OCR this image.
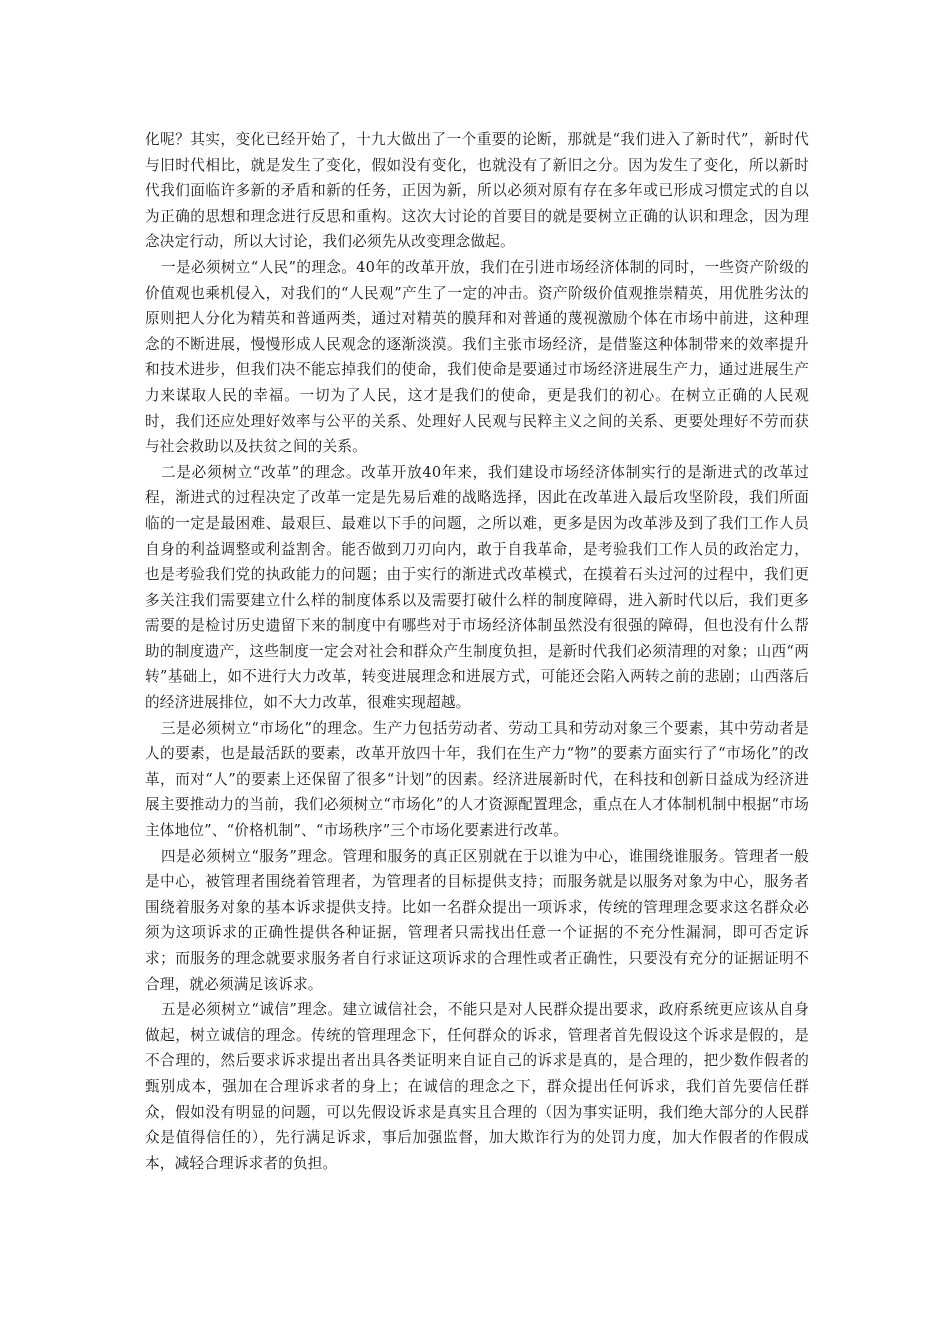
化呢？其实，变化已经开始了，十九大做出了一个重要的论断，那就是“我们进入了新时代”，新时代与旧时代相比，就是发生了变化，假如没有变化，也就没有了新旧之分。因为发生了变化，所以新时代我们面临许多新的矛盾和新的任务，正因为新，所以必须对原有存在多年或已形成习惯定式的自以为正确的思想和理念进行反思和重构。这次大讨论的首要目的就是要树立正确的认识和理念，因为理念决定行动，所以大讨论，我们必须先从改变理念做起。

一是必须树立“人民”的理念。40年的改革开放，我们在引进市场经济体制的同时，一些资产阶级的价值观也乘机侵入，对我们的“人民观”产生了一定的冲击。资产阶级价值观推崇精英，用优胜劣汰的原则把人分化为精英和普通两类，通过对精英的膜拜和对普通的蔑视激励个体在市场中前进，这种理念的不断进展，慢慢形成人民观念的逐渐淡漠。我们主张市场经济，是借鉴这种体制带来的效率提升和技术进步，但我们决不能忘掉我们的使命，我们使命是要通过市场经济进展生产力，通过进展生产力来谋取人民的幸福。一切为了人民，这才是我们的使命，更是我们的初心。在树立正确的人民观时，我们还应处理好效率与公平的关系、处理好人民观与民粹主义之间的关系、更要处理好不劳而获与社会救助以及扶贫之间的关系。

二是必须树立“改革”的理念。改革开放40年来，我们建设市场经济体制实行的是渐进式的改革过程，渐进式的过程决定了改革一定是先易后难的战略选择，因此在改革进入最后攻坚阶段，我们所面临的一定是最困难、最艰巨、最难以下手的问题，之所以难，更多是因为改革涉及到了我们工作人员自身的利益调整或利益割舍。能否做到刀刃向内，敢于自我革命，是考验我们工作人员的政治定力，也是考验我们党的执政能力的问题；由于实行的渐进式改革模式，在摸着石头过河的过程中，我们更多关注我们需要建立什么样的制度体系以及需要打破什么样的制度障碍，进入新时代以后，我们更多需要的是检讨历史遗留下来的制度中有哪些对于市场经济体制虽然没有很强的障碍，但也没有什么帮助的制度遗产，这些制度一定会对社会和群众产生制度负担，是新时代我们必须清理的对象；山西“两转”基础上，如不进行大力改革，转变进展理念和进展方式，可能还会陷入两转之前的悲剧；山西落后的经济进展排位，如不大力改革，很难实现超越。

三是必须树立“市场化”的理念。生产力包括劳动者、劳动工具和劳动对象三个要素，其中劳动者是人的要素，也是最活跃的要素，改革开放四十年，我们在生产力“物”的要素方面实行了“市场化”的改革，而对“人”的要素上还保留了很多“计划”的因素。经济进展新时代，在科技和创新日益成为经济进展主要推动力的当前，我们必须树立“市场化”的人才资源配置理念，重点在人才体制机制中根据“市场主体地位”、“价格机制”、“市场秩序”三个市场化要素进行改革。

四是必须树立“服务”理念。管理和服务的真正区别就在于以谁为中心，谁围绕谁服务。管理者一般是中心，被管理者围绕着管理者，为管理者的目标提供支持；而服务就是以服务对象为中心，服务者围绕着服务对象的基本诉求提供支持。比如一名群众提出一项诉求，传统的管理理念要求这名群众必须为这项诉求的正确性提供各种证据，管理者只需找出任意一个证据的不充分性漏洞，即可否定诉求；而服务的理念就要求服务者自行求证这项诉求的合理性或者正确性，只要没有充分的证据证明不合理，就必须满足该诉求。

五是必须树立“诚信”理念。建立诚信社会，不能只是对人民群众提出要求，政府系统更应该从自身做起，树立诚信的理念。传统的管理理念下，任何群众的诉求，管理者首先假设这个诉求是假的，是不合理的，然后要求诉求提出者出具各类证明来自证自己的诉求是真的，是合理的，把少数作假者的甄别成本，强加在合理诉求者的身上；在诚信的理念之下，群众提出任何诉求，我们首先要信任群众，假如没有明显的问题，可以先假设诉求是真实且合理的（因为事实证明，我们绝大部分的人民群众是值得信任的），先行满足诉求，事后加强监督，加大欺诈行为的处罚力度，加大作假者的作假成本，减轻合理诉求者的负担。
